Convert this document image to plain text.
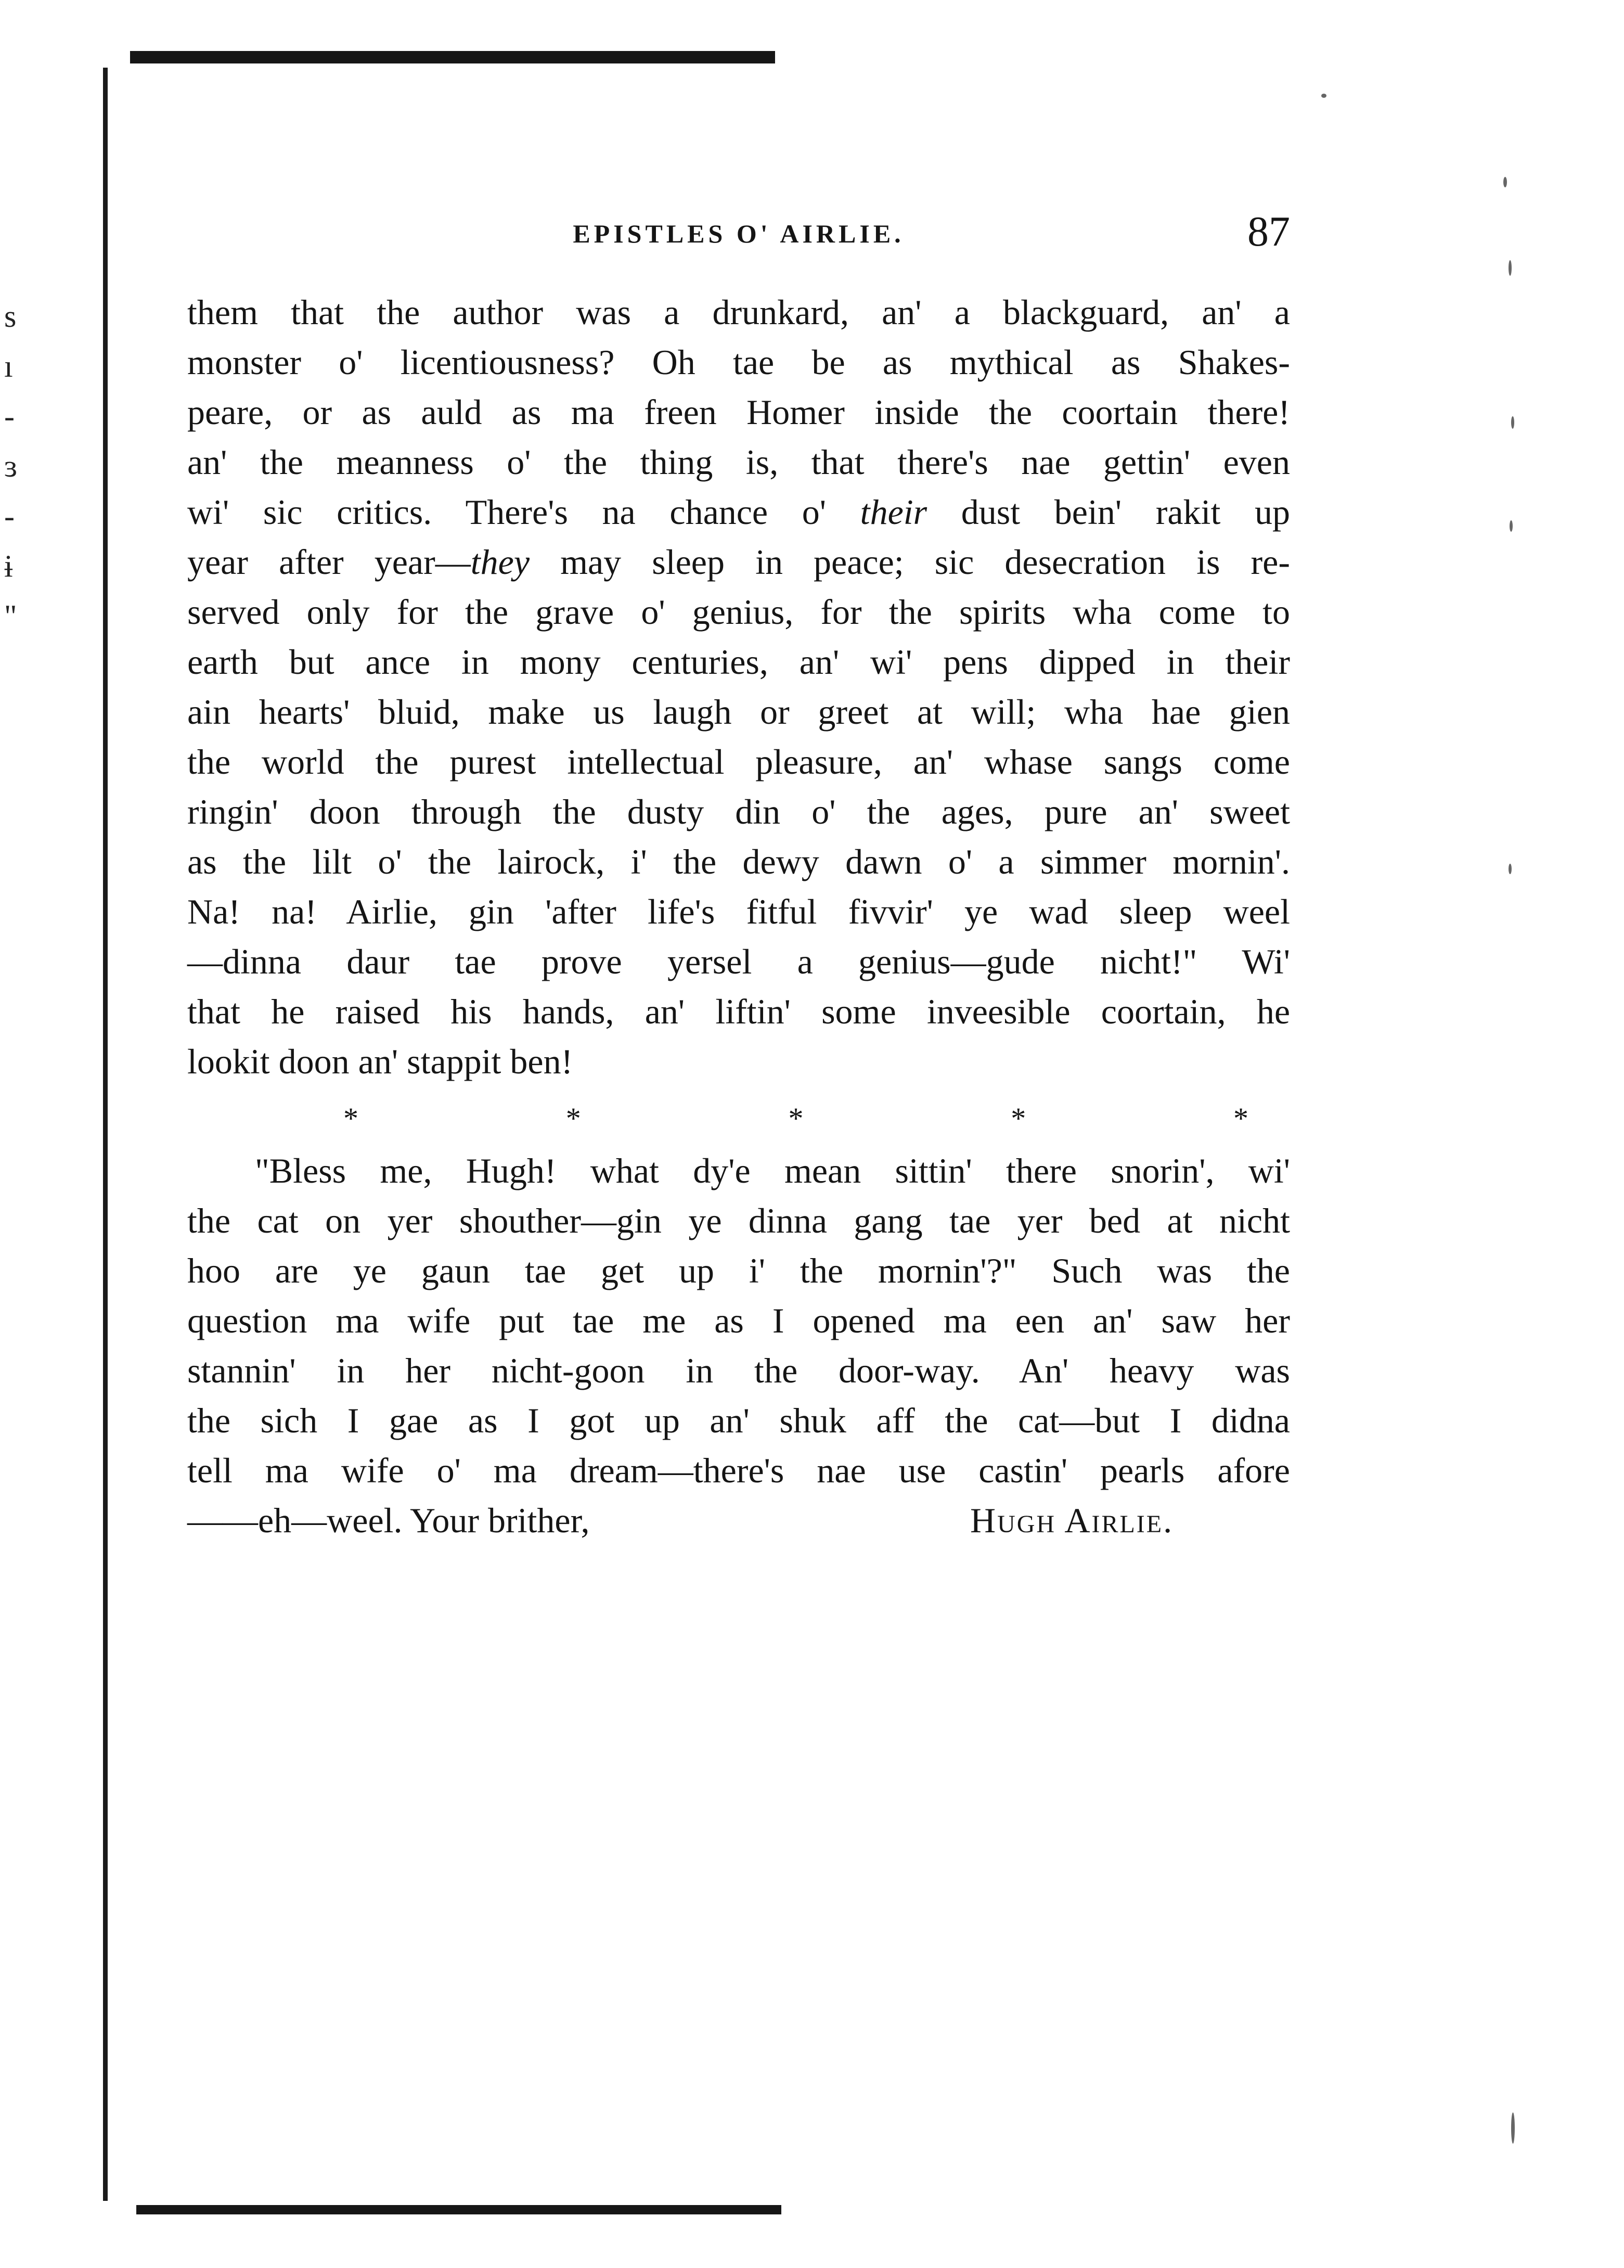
s
ı
-
ɜ
-
ɨ
"
EPISTLES O' AIRLIE.	87
them that the author was a drunkard, an' a blackguard, an' a
monster o' licentiousness? Oh tae be as mythical as Shakes-
peare, or as auld as ma freen Homer inside the coortain there!
an' the meanness o' the thing is, that there's nae gettin' even
wi' sic critics. There's na chance o' their dust bein' rakit up
year after year—they may sleep in peace; sic desecration is re-
served only for the grave o' genius, for the spirits wha come to
earth but ance in mony centuries, an' wi' pens dipped in their
ain hearts' bluid, make us laugh or greet at will; wha hae gien
the world the purest intellectual pleasure, an' whase sangs come
ringin' doon through the dusty din o' the ages, pure an' sweet
as the lilt o' the lairock, i' the dewy dawn o' a simmer mornin'.
Na! na! Airlie, gin 'after life's fitful fivvir' ye wad sleep weel
—dinna daur tae prove yersel a genius—gude nicht!" Wi'
that he raised his hands, an' liftin' some inveesible coortain, he
lookit doon an' stappit ben!
*	*	*	*	*
"Bless me, Hugh! what dy'e mean sittin' there snorin', wi'
the cat on yer shouther—gin ye dinna gang tae yer bed at nicht
hoo are ye gaun tae get up i' the mornin'?" Such was the
question ma wife put tae me as I opened ma een an' saw her
stannin' in her nicht-goon in the door-way. An' heavy was
the sich I gae as I got up an' shuk aff the cat—but I didna
tell ma wife o' ma dream—there's nae use castin' pearls afore
——eh—weel. Your brither,	Hugh Airlie.
